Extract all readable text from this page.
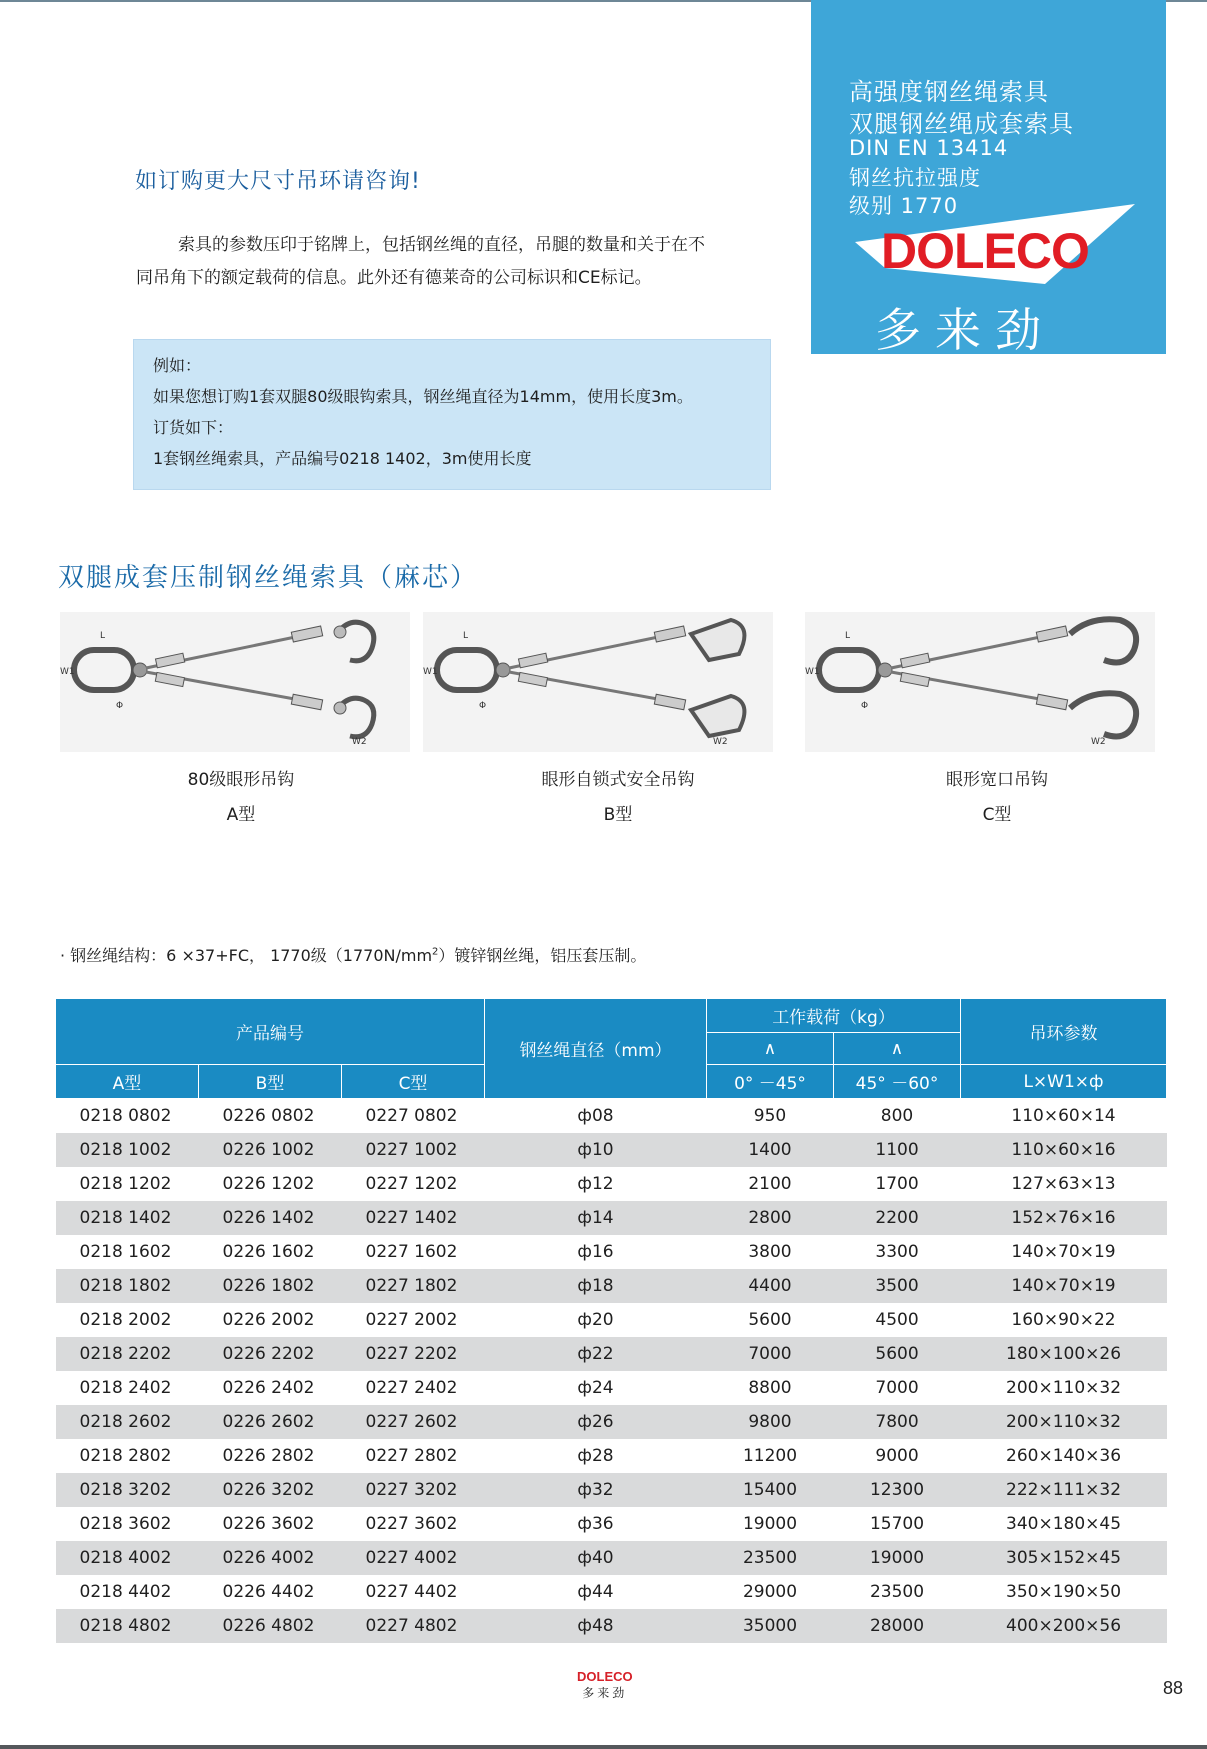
高强度钢丝绳索具
双腿钢丝绳成套索具
DIN EN 13414
钢丝抗拉强度
级别 1770
DOLECO
多来劲
如订购更大尺寸吊环请咨询!
索具的参数压印于铭牌上，包括钢丝绳的直径，吊腿的数量和关于在不
同吊角下的额定载荷的信息。此外还有德莱奇的公司标识和CE标记。
例如：
如果您想订购1套双腿80级眼钩索具，钢丝绳直径为14mm，使用长度3m。
订货如下：
1套钢丝绳索具，产品编号0218 1402，3m使用长度
双腿成套压制钢丝绳索具（麻芯）
L
W1
Φ
W2
L
W1
Φ
W2
L
W1
Φ
W2
80级眼形吊钩
A型
眼形自锁式安全吊钩
B型
眼形宽口吊钩
C型
· 钢丝绳结构：6 ×37+FC， 1770级$(1770N/mm^2)$镀锌钢丝绳，铝压套压制。
产品编号			钢丝绳直径（mm）	工作载荷（kg）		吊环参数
				∧	∧	
A型	B型	C型		0° －45°	45° －60°	L×W1×ф
0218 0802	0226 0802	0227 0802	ф08	950	800	110×60×14
0218 1002	0226 1002	0227 1002	ф10	1400	1100	110×60×16
0218 1202	0226 1202	0227 1202	ф12	2100	1700	127×63×13
0218 1402	0226 1402	0227 1402	ф14	2800	2200	152×76×16
0218 1602	0226 1602	0227 1602	ф16	3800	3300	140×70×19
0218 1802	0226 1802	0227 1802	ф18	4400	3500	140×70×19
0218 2002	0226 2002	0227 2002	ф20	5600	4500	160×90×22
0218 2202	0226 2202	0227 2202	ф22	7000	5600	180×100×26
0218 2402	0226 2402	0227 2402	ф24	8800	7000	200×110×32
0218 2602	0226 2602	0227 2602	ф26	9800	7800	200×110×32
0218 2802	0226 2802	0227 2802	ф28	11200	9000	260×140×36
0218 3202	0226 3202	0227 3202	ф32	15400	12300	222×111×32
0218 3602	0226 3602	0227 3602	ф36	19000	15700	340×180×45
0218 4002	0226 4002	0227 4002	ф40	23500	19000	305×152×45
0218 4402	0226 4402	0227 4402	ф44	29000	23500	350×190×50
0218 4802	0226 4802	0227 4802	ф48	35000	28000	400×200×56
DOLECO
多来劲	88
